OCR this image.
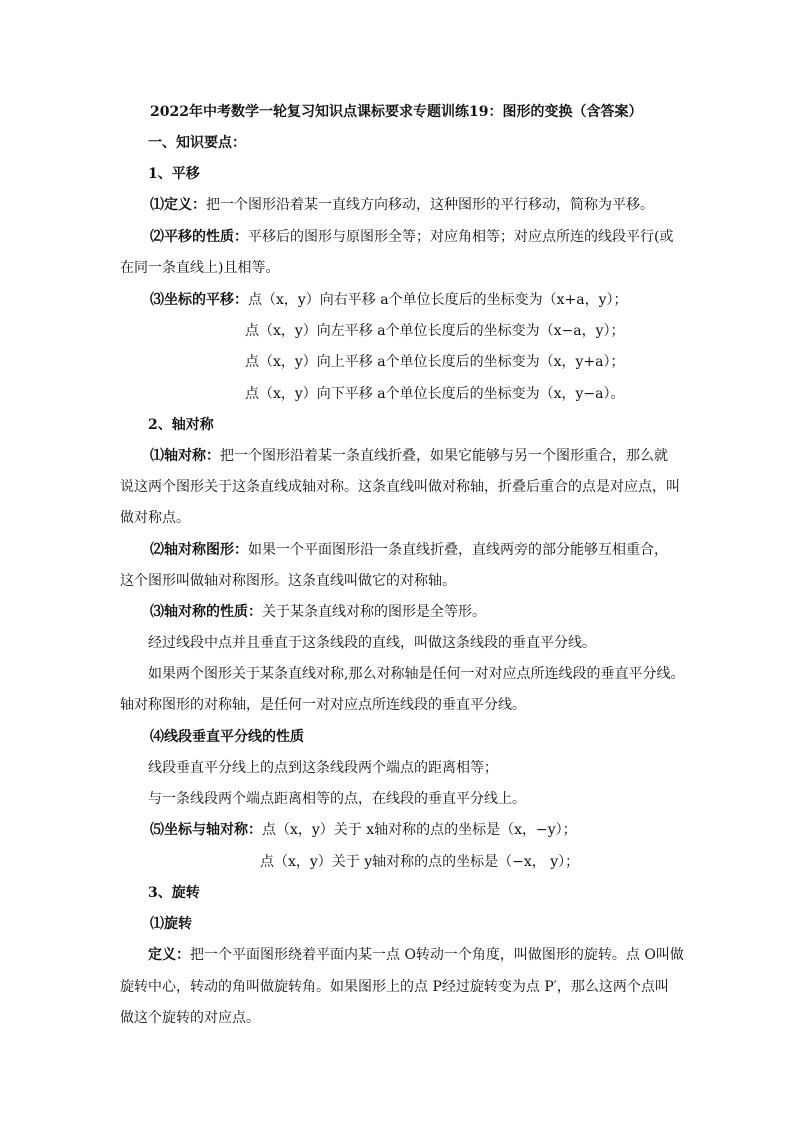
2022年中考数学一轮复习知识点课标要求专题训练19：图形的变换（含答案）
一、知识要点：
1、平移
⑴定义：把一个图形沿着某一直线方向移动，这种图形的平行移动，简称为平移。
⑵平移的性质：平移后的图形与原图形全等；对应角相等；对应点所连的线段平行(或
在同一条直线上)且相等。
⑶坐标的平移：点（x，y）向右平移 a个单位长度后的坐标变为（x+a，y）；
点（x，y）向左平移 a个单位长度后的坐标变为（x−a，y）；
点（x，y）向上平移 a个单位长度后的坐标变为（x，y+a）；
点（x，y）向下平移 a个单位长度后的坐标变为（x，y−a）。
2、轴对称
⑴轴对称：把一个图形沿着某一条直线折叠，如果它能够与另一个图形重合，那么就
说这两个图形关于这条直线成轴对称。这条直线叫做对称轴，折叠后重合的点是对应点，叫
做对称点。
⑵轴对称图形：如果一个平面图形沿一条直线折叠，直线两旁的部分能够互相重合，
这个图形叫做轴对称图形。这条直线叫做它的对称轴。
⑶轴对称的性质：关于某条直线对称的图形是全等形。
经过线段中点并且垂直于这条线段的直线，叫做这条线段的垂直平分线。
如果两个图形关于某条直线对称,那么对称轴是任何一对对应点所连线段的垂直平分线。
轴对称图形的对称轴，是任何一对对应点所连线段的垂直平分线。
⑷线段垂直平分线的性质
线段垂直平分线上的点到这条线段两个端点的距离相等；
与一条线段两个端点距离相等的点，在线段的垂直平分线上。
⑸坐标与轴对称：点（x，y）关于 x轴对称的点的坐标是（x，−y）；
点（x，y）关于 y轴对称的点的坐标是（−x， y）；
3、旋转
⑴旋转
定义：把一个平面图形绕着平面内某一点 O转动一个角度，叫做图形的旋转。点 O叫做
旋转中心，转动的角叫做旋转角。如果图形上的点 P经过旋转变为点 P′，那么这两个点叫
做这个旋转的对应点。
